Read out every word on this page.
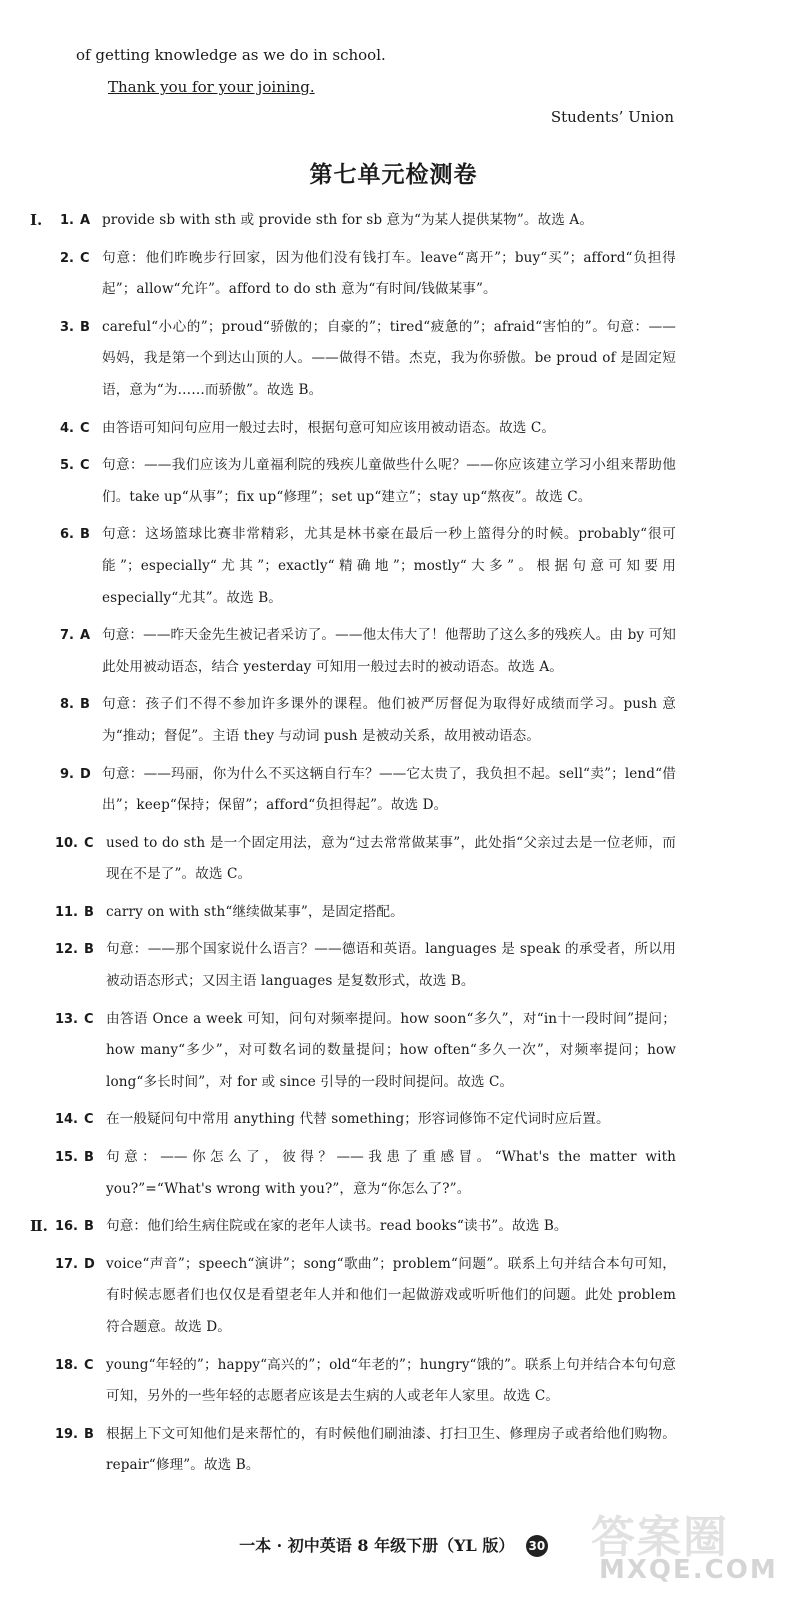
of getting knowledge as we do in school.
Thank you for your joining.
Students’ Union
第七单元检测卷
Ⅰ.	1. A provide sb with sth 或 provide sth for sb 意为“为某人提供某物”。故选 A。
2. C 句意：他们昨晚步行回家，因为他们没有钱打车。leave“离开”；buy“买”；afford“负担得起”；allow“允许”。afford to do sth 意为“有时间/钱做某事”。
3. B careful“小心的”；proud“骄傲的；自豪的”；tired“疲惫的”；afraid“害怕的”。句意：——妈妈，我是第一个到达山顶的人。——做得不错。杰克，我为你骄傲。be proud of 是固定短语，意为“为……而骄傲”。故选 B。
4. C 由答语可知问句应用一般过去时，根据句意可知应该用被动语态。故选 C。
5. C 句意：——我们应该为儿童福利院的残疾儿童做些什么呢？——你应该建立学习小组来帮助他们。take up“从事”；fix up“修理”；set up“建立”；stay up“熬夜”。故选 C。
6. B 句意：这场篮球比赛非常精彩，尤其是林书豪在最后一秒上篮得分的时候。probably“很可能”；especially“尤其”；exactly“精确地”；mostly“大多”。根据句意可知要用 especially“尤其”。故选 B。
7. A 句意：——昨天金先生被记者采访了。——他太伟大了！他帮助了这么多的残疾人。由 by 可知此处用被动语态，结合 yesterday 可知用一般过去时的被动语态。故选 A。
8. B 句意：孩子们不得不参加许多课外的课程。他们被严厉督促为取得好成绩而学习。push 意为“推动；督促”。主语 they 与动词 push 是被动关系，故用被动语态。
9. D 句意：——玛丽，你为什么不买这辆自行车？——它太贵了，我负担不起。sell“卖”；lend“借出”；keep“保持；保留”；afford“负担得起”。故选 D。
10. C used to do sth 是一个固定用法，意为“过去常常做某事”，此处指“父亲过去是一位老师，而现在不是了”。故选 C。
11. B carry on with sth“继续做某事”，是固定搭配。
12. B 句意：——那个国家说什么语言？——德语和英语。languages 是 speak 的承受者，所以用被动语态形式；又因主语 languages 是复数形式，故选 B。
13. C 由答语 Once a week 可知，问句对频率提问。how soon“多久”，对“in十一段时间”提问；how many“多少”，对可数名词的数量提问；how often“多久一次”，对频率提问；how long“多长时间”，对 for 或 since 引导的一段时间提问。故选 C。
14. C 在一般疑问句中常用 anything 代替 something；形容词修饰不定代词时应后置。
15. B 句意：——你怎么了，彼得？——我患了重感冒。“What's the matter with you?”=“What's wrong with you?”，意为“你怎么了?”。
Ⅱ. 16. B 句意：他们给生病住院或在家的老年人读书。read books“读书”。故选 B。
17. D voice“声音”；speech“演讲”；song“歌曲”；problem“问题”。联系上句并结合本句可知，有时候志愿者们也仅仅是看望老年人并和他们一起做游戏或听听他们的问题。此处 problem 符合题意。故选 D。
18. C young“年轻的”；happy“高兴的”；old“年老的”；hungry“饿的”。联系上句并结合本句句意可知，另外的一些年轻的志愿者应该是去生病的人或老年人家里。故选 C。
19. B 根据上下文可知他们是来帮忙的，有时候他们刷油漆、打扫卫生、修理房子或者给他们购物。repair“修理”。故选 B。
一本 · 初中英语 8 年级下册（YL 版） 30	答案圈
MXQE.COM
